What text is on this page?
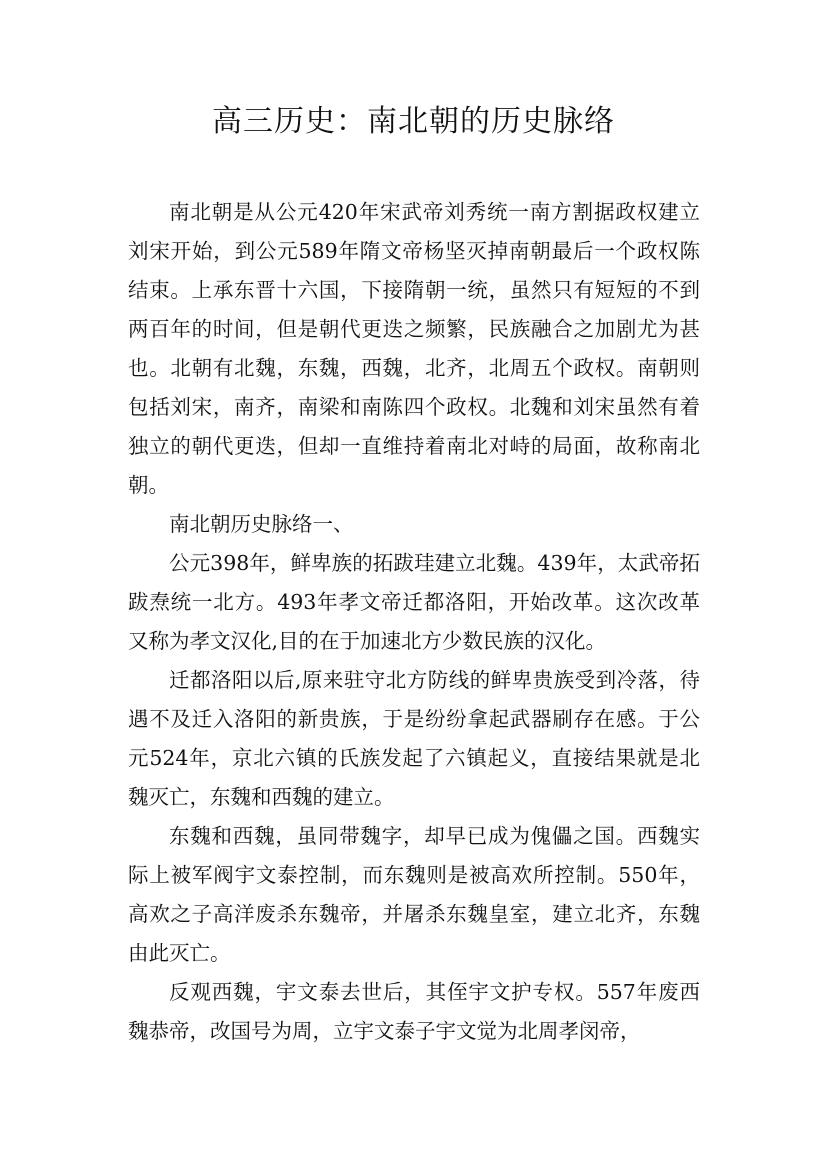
高三历史：南北朝的历史脉络

南北朝是从公元420年宋武帝刘秀统一南方割据政权建立刘宋开始，到公元589年隋文帝杨坚灭掉南朝最后一个政权陈结束。上承东晋十六国，下接隋朝一统，虽然只有短短的不到两百年的时间，但是朝代更迭之频繁，民族融合之加剧尤为甚也。北朝有北魏，东魏，西魏，北齐，北周五个政权。南朝则包括刘宋，南齐，南梁和南陈四个政权。北魏和刘宋虽然有着独立的朝代更迭，但却一直维持着南北对峙的局面，故称南北朝。

南北朝历史脉络一、

公元398年，鲜卑族的拓跋珪建立北魏。439年，太武帝拓跋焘统一北方。493年孝文帝迁都洛阳，开始改革。这次改革又称为孝文汉化,目的在于加速北方少数民族的汉化。

迁都洛阳以后,原来驻守北方防线的鲜卑贵族受到冷落，待遇不及迁入洛阳的新贵族，于是纷纷拿起武器刷存在感。于公元524年，京北六镇的氏族发起了六镇起义，直接结果就是北魏灭亡，东魏和西魏的建立。

东魏和西魏，虽同带魏字，却早已成为傀儡之国。西魏实际上被军阀宇文泰控制，而东魏则是被高欢所控制。550年，高欢之子高洋废杀东魏帝，并屠杀东魏皇室，建立北齐，东魏由此灭亡。

反观西魏，宇文泰去世后，其侄宇文护专权。557年废西魏恭帝，改国号为周，立宇文泰子宇文觉为北周孝闵帝，
